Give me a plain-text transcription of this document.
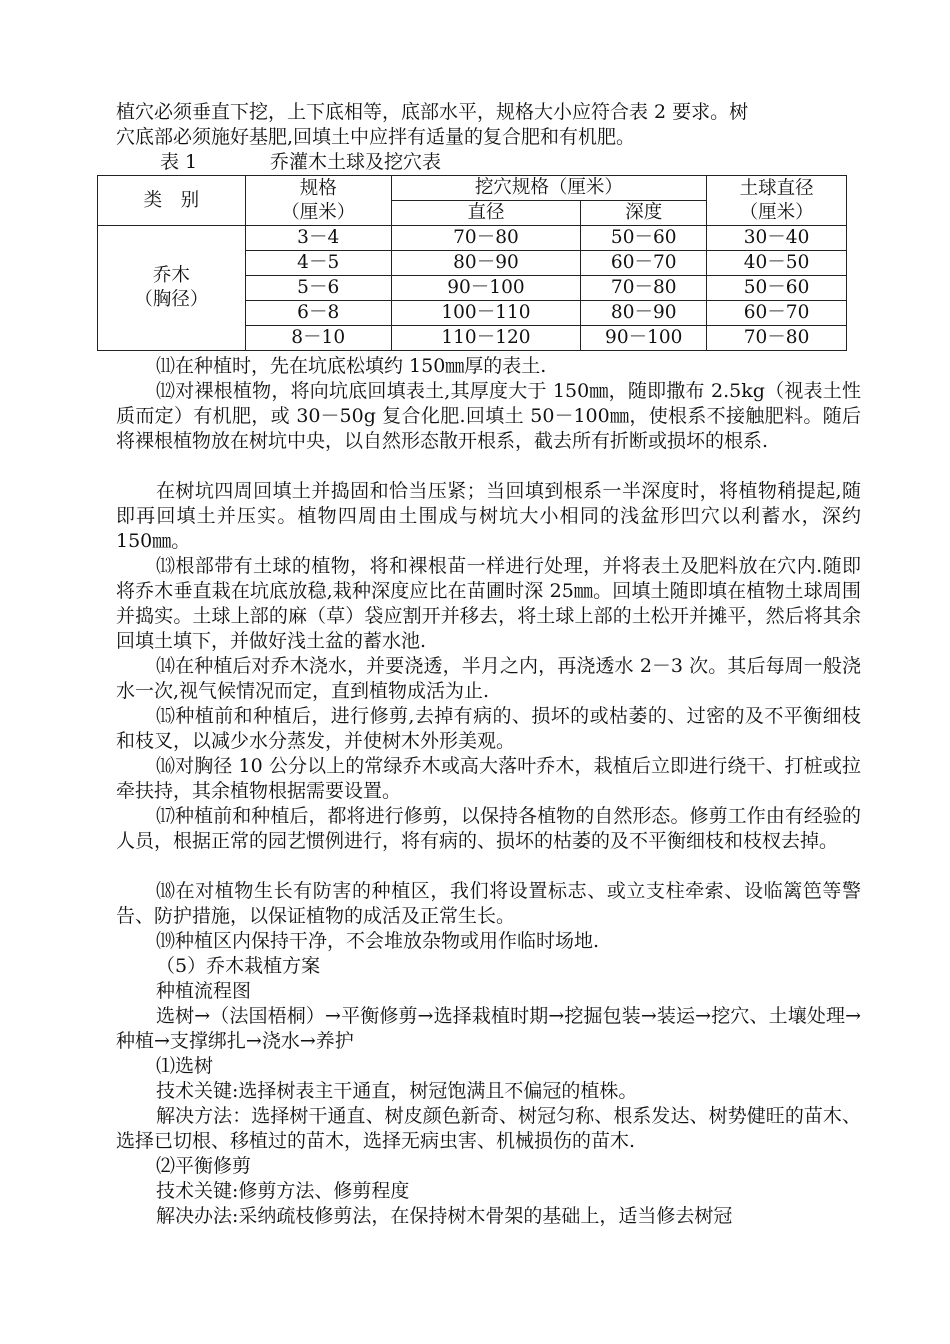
植穴必须垂直下挖，上下底相等，底部水平，规格大小应符合表 2 要求。树
穴底部必须施好基肥,回填土中应拌有适量的复合肥和有机肥。

表 1	乔灌木土球及挖穴表
类　别	规格
（厘米）	挖穴规格（厘米）		土球直径
（厘米）
		直径	深度	
乔木
（胸径）	3－4	70－80	50－60	30－40
	4－5	80－90	60－70	40－50
	5－6	90－100	70－80	50－60
	6－8	100－110	80－90	60－70
	8－10	110－120	90－100	70－80

⑾在种植时，先在坑底松填约 150㎜厚的表土.

⑿对裸根植物，将向坑底回填表土,其厚度大于 150㎜，随即撒布 2.5kg（视表土性质而定）有机肥，或 30－50g 复合化肥.回填土 50－100㎜，使根系不接触肥料。随后将裸根植物放在树坑中央，以自然形态散开根系，截去所有折断或损坏的根系.

在树坑四周回填土并捣固和恰当压紧；当回填到根系一半深度时，将植物稍提起,随即再回填土并压实。植物四周由土围成与树坑大小相同的浅盆形凹穴以利蓄水，深约 150㎜。

⒀根部带有土球的植物，将和裸根苗一样进行处理，并将表土及肥料放在穴内.随即将乔木垂直栽在坑底放稳,栽种深度应比在苗圃时深 25㎜。回填土随即填在植物土球周围并捣实。土球上部的麻（草）袋应割开并移去，将土球上部的土松开并摊平，然后将其余回填土填下，并做好浅土盆的蓄水池.

⒁在种植后对乔木浇水，并要浇透，半月之内，再浇透水 2－3 次。其后每周一般浇水一次,视气候情况而定，直到植物成活为止.

⒂种植前和种植后，进行修剪,去掉有病的、损坏的或枯萎的、过密的及不平衡细枝和枝叉，以减少水分蒸发，并使树木外形美观。

⒃对胸径 10 公分以上的常绿乔木或高大落叶乔木，栽植后立即进行绕干、打桩或拉牵扶持，其余植物根据需要设置。

⒄种植前和种植后，都将进行修剪，以保持各植物的自然形态。修剪工作由有经验的人员，根据正常的园艺惯例进行，将有病的、损坏的枯萎的及不平衡细枝和枝杈去掉。

⒅在对植物生长有防害的种植区，我们将设置标志、或立支柱牵索、设临篱笆等警告、防护措施，以保证植物的成活及正常生长。

⒆种植区内保持干净，不会堆放杂物或用作临时场地.

（5）乔木栽植方案
种植流程图

选树→（法国梧桐）→平衡修剪→选择栽植时期→挖掘包装→装运→挖穴、土壤处理→种植→支撑绑扎→浇水→养护

⑴选树
技术关键:选择树表主干通直，树冠饱满且不偏冠的植株。

解决方法：选择树干通直、树皮颜色新奇、树冠匀称、根系发达、树势健旺的苗木、选择已切根、移植过的苗木，选择无病虫害、机械损伤的苗木.

⑵平衡修剪
技术关键:修剪方法、修剪程度
解决办法:采纳疏枝修剪法，在保持树木骨架的基础上，适当修去树冠
